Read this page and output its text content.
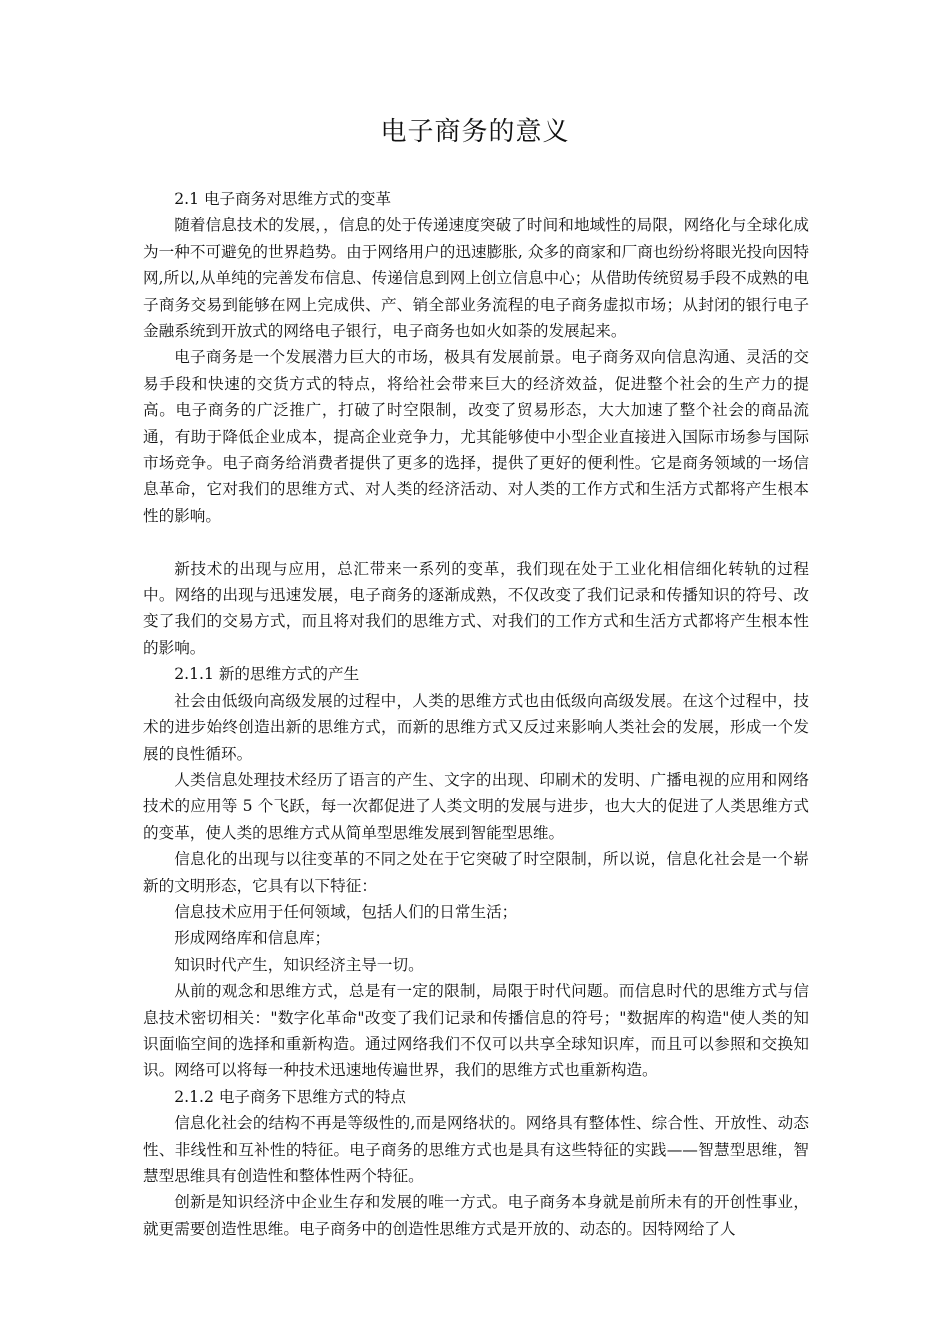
电子商务的意义

2.1 电子商务对思维方式的变革

随着信息技术的发展，，信息的处于传递速度突破了时间和地域性的局限，网络化与全球化成为一种不可避免的世界趋势。由于网络用户的迅速膨胀, 众多的商家和厂商也纷纷将眼光投向因特网,所以,从单纯的完善发布信息、传递信息到网上创立信息中心；从借助传统贸易手段不成熟的电子商务交易到能够在网上完成供、产、销全部业务流程的电子商务虚拟市场；从封闭的银行电子金融系统到开放式的网络电子银行，电子商务也如火如荼的发展起来。

电子商务是一个发展潜力巨大的市场，极具有发展前景。电子商务双向信息沟通、灵活的交易手段和快速的交货方式的特点，将给社会带来巨大的经济效益，促进整个社会的生产力的提高。电子商务的广泛推广，打破了时空限制，改变了贸易形态，大大加速了整个社会的商品流通，有助于降低企业成本，提高企业竞争力，尤其能够使中小型企业直接进入国际市场参与国际市场竞争。电子商务给消费者提供了更多的选择，提供了更好的便利性。它是商务领域的一场信息革命，它对我们的思维方式、对人类的经济活动、对人类的工作方式和生活方式都将产生根本性的影响。

新技术的出现与应用，总汇带来一系列的变革，我们现在处于工业化相信细化转轨的过程中。网络的出现与迅速发展，电子商务的逐渐成熟，不仅改变了我们记录和传播知识的符号、改变了我们的交易方式，而且将对我们的思维方式、对我们的工作方式和生活方式都将产生根本性的影响。

2.1.1 新的思维方式的产生

社会由低级向高级发展的过程中，人类的思维方式也由低级向高级发展。在这个过程中，技术的进步始终创造出新的思维方式，而新的思维方式又反过来影响人类社会的发展，形成一个发展的良性循环。

人类信息处理技术经历了语言的产生、文字的出现、印刷术的发明、广播电视的应用和网络技术的应用等 5 个飞跃，每一次都促进了人类文明的发展与进步，也大大的促进了人类思维方式的变革，使人类的思维方式从简单型思维发展到智能型思维。

信息化的出现与以往变革的不同之处在于它突破了时空限制，所以说，信息化社会是一个崭新的文明形态，它具有以下特征：

信息技术应用于任何领域，包括人们的日常生活；

形成网络库和信息库；

知识时代产生，知识经济主导一切。

从前的观念和思维方式，总是有一定的限制，局限于时代问题。而信息时代的思维方式与信息技术密切相关："数字化革命"改变了我们记录和传播信息的符号；"数据库的构造"使人类的知识面临空间的选择和重新构造。通过网络我们不仅可以共享全球知识库，而且可以参照和交换知识。网络可以将每一种技术迅速地传遍世界，我们的思维方式也重新构造。

2.1.2 电子商务下思维方式的特点

信息化社会的结构不再是等级性的,而是网络状的。网络具有整体性、综合性、开放性、动态性、非线性和互补性的特征。电子商务的思维方式也是具有这些特征的实践——智慧型思维，智慧型思维具有创造性和整体性两个特征。

创新是知识经济中企业生存和发展的唯一方式。电子商务本身就是前所未有的开创性事业，就更需要创造性思维。电子商务中的创造性思维方式是开放的、动态的。因特网给了人
